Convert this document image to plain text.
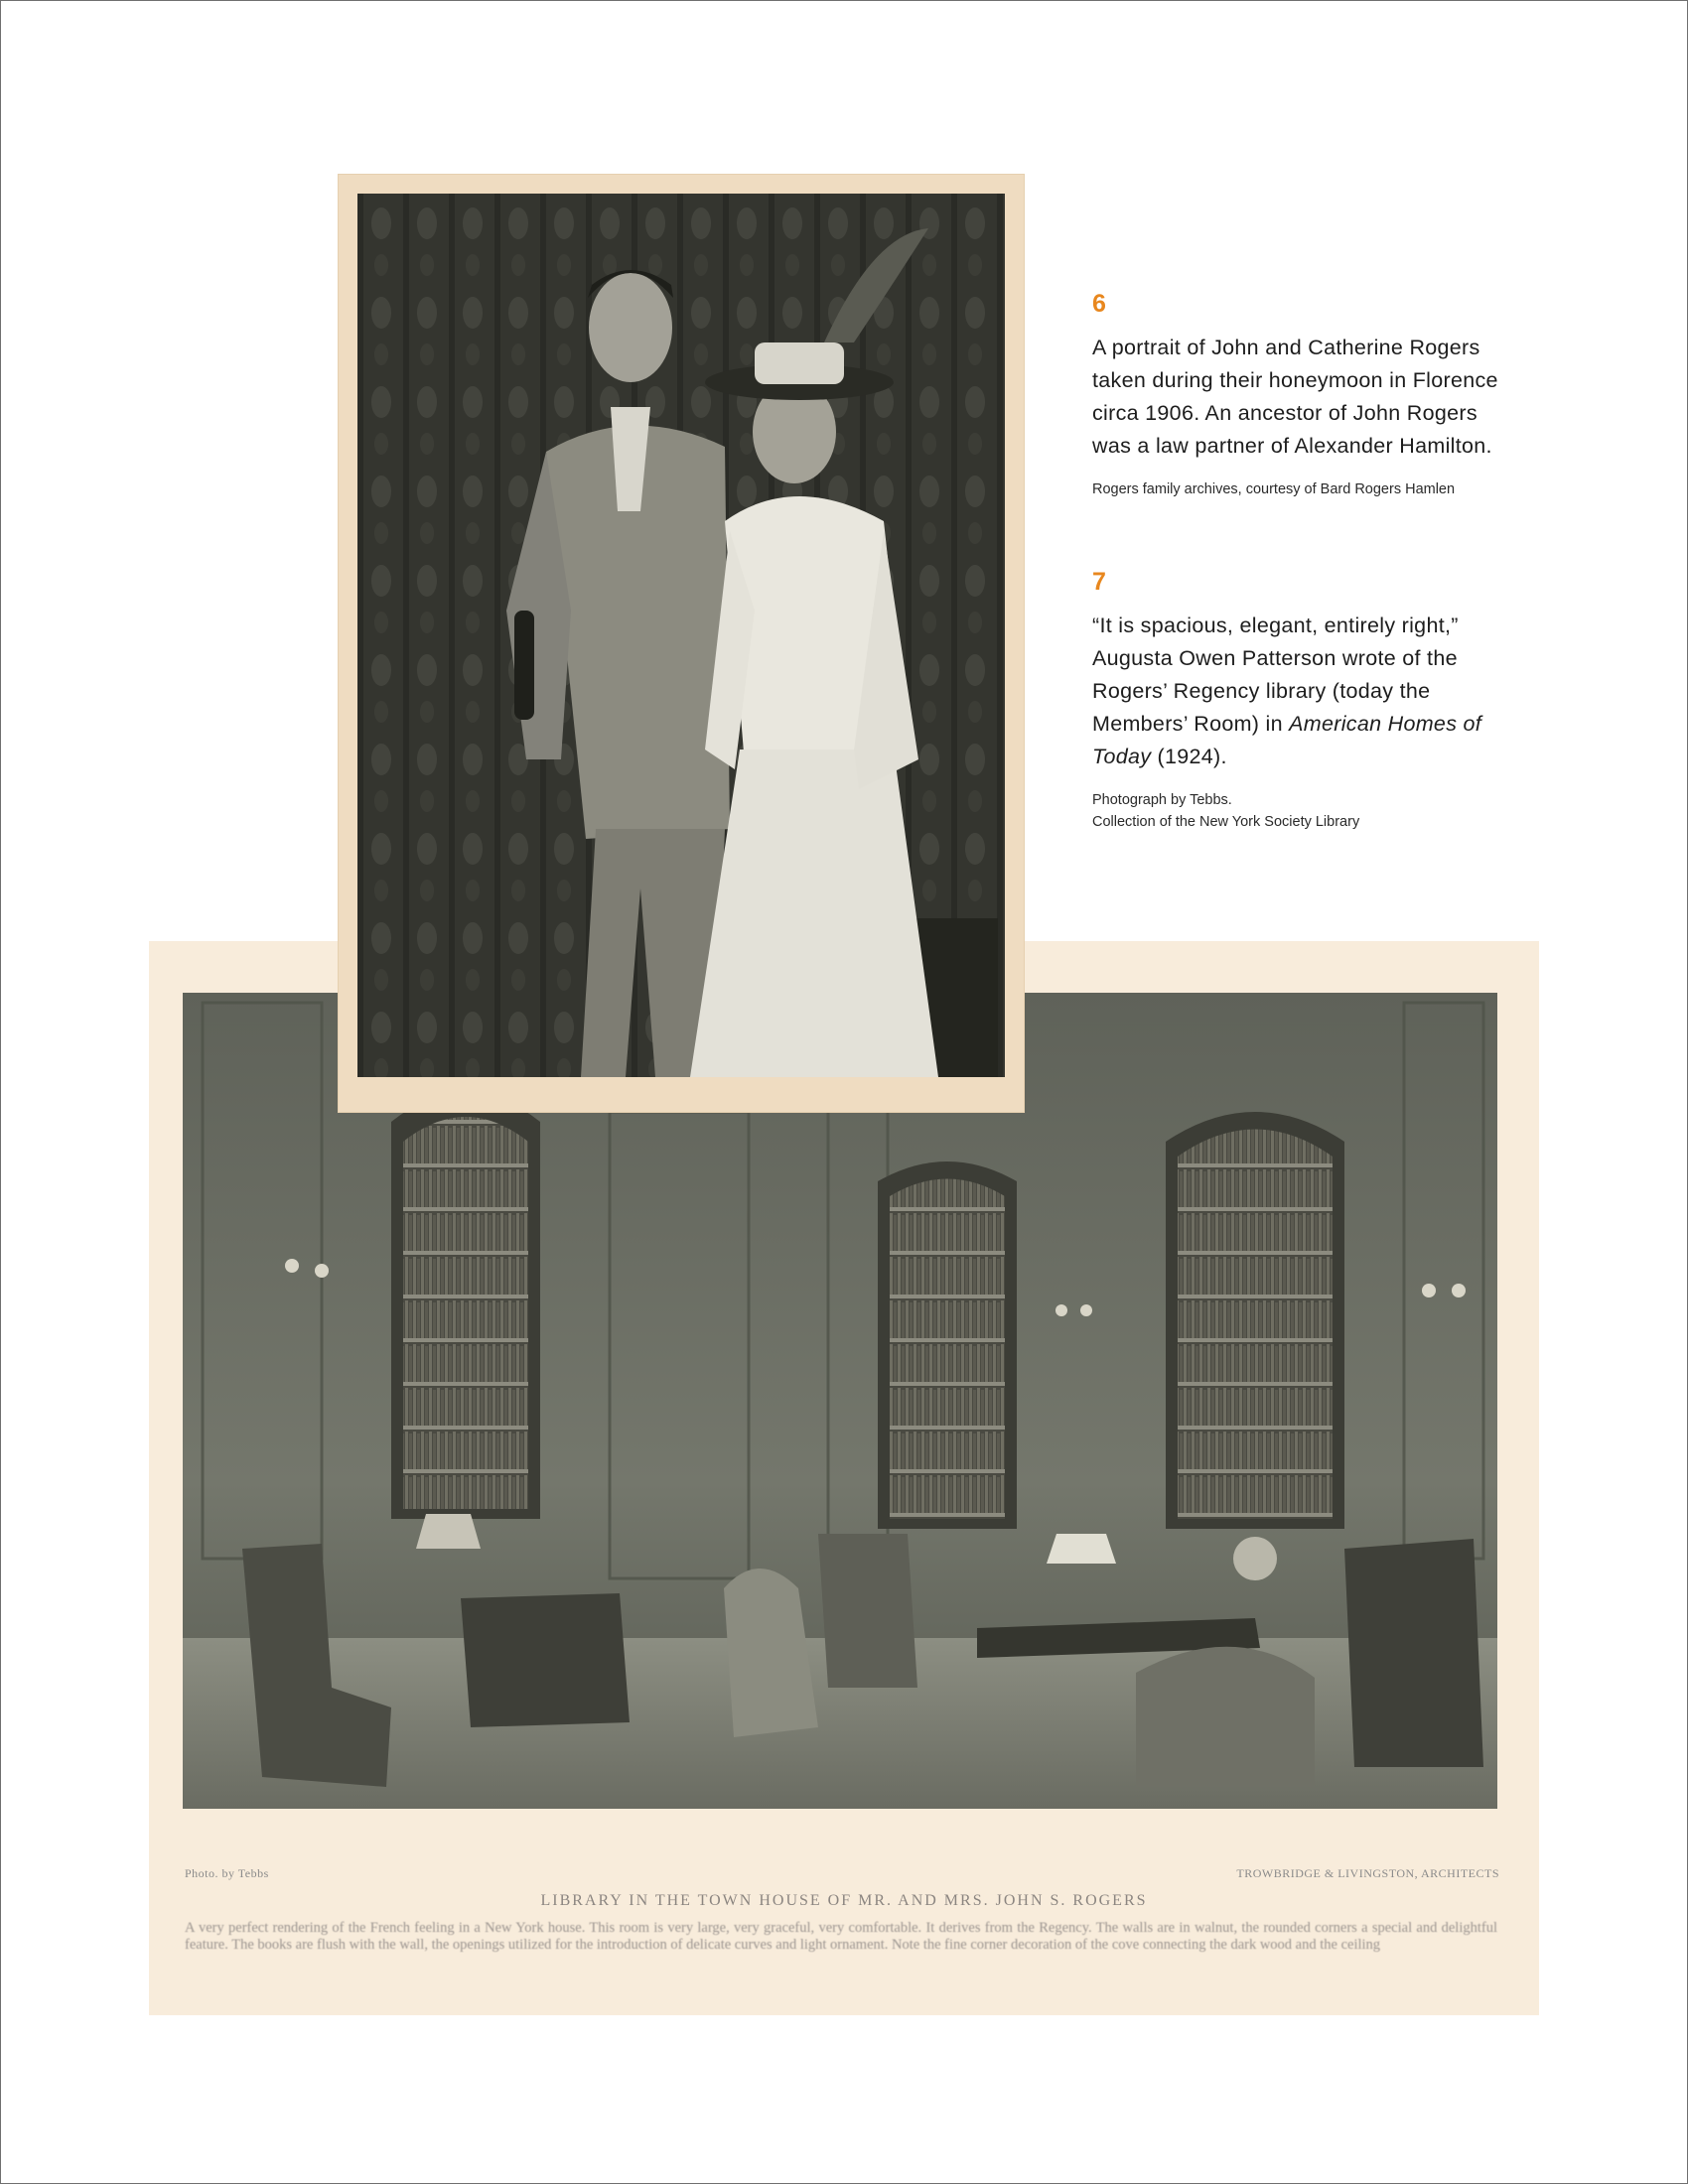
Photo. by Tebbs	TROWBRIDGE & LIVINGSTON, ARCHITECTS
LIBRARY IN THE TOWN HOUSE OF MR. AND MRS. JOHN S. ROGERS
A very perfect rendering of the French feeling in a New York house. This room is very large, very graceful, very comfortable. It derives from the Regency. The walls are in walnut, the rounded corners a special and delightful feature. The books are flush with the wall, the openings utilized for the introduction of delicate curves and light ornament. Note the fine corner decoration of the cove connecting the dark wood and the ceiling
6
A portrait of John and Catherine Rogers taken during their honeymoon in Florence circa 1906. An ancestor of John Rogers was a law partner of Alexander Hamilton.
Rogers family archives, courtesy of Bard Rogers Hamlen
7
“It is spacious, elegant, entirely right,” Augusta Owen Patterson wrote of the Rogers’ Regency library (today the Members’ Room) in American Homes of Today (1924).
Photograph by Tebbs.
Collection of the New York Society Library
